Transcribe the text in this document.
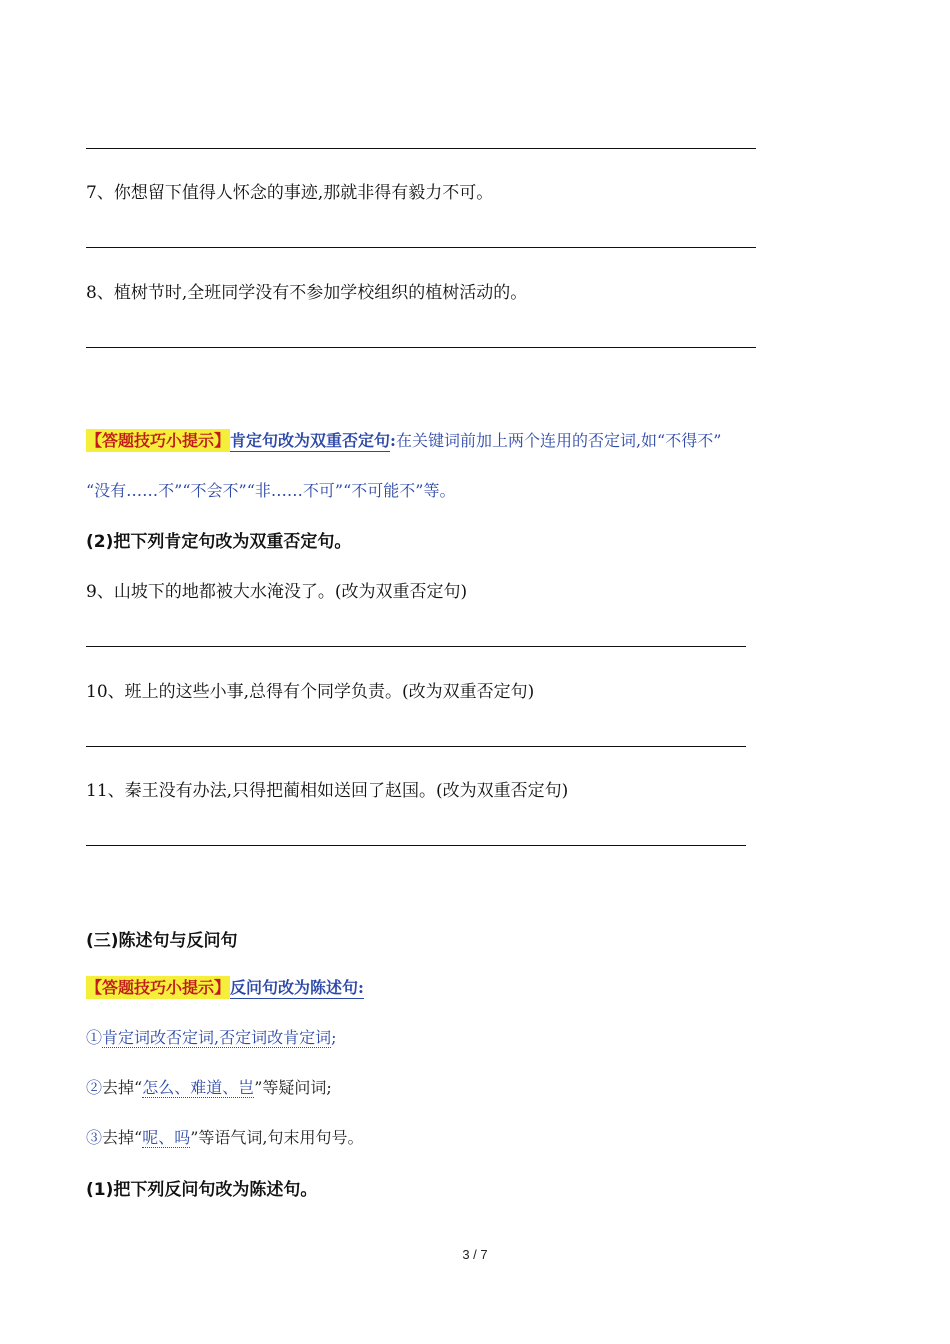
7、你想留下值得人怀念的事迹,那就非得有毅力不可。
8、植树节时,全班同学没有不参加学校组织的植树活动的。
【答题技巧小提示】肯定句改为双重否定句:在关键词前加上两个连用的否定词,如“不得不”
“没有……不”“不会不”“非……不可”“不可能不”等。
(2)把下列肯定句改为双重否定句。
9、山坡下的地都被大水淹没了。(改为双重否定句)
10、班上的这些小事,总得有个同学负责。(改为双重否定句)
11、秦王没有办法,只得把蔺相如送回了赵国。(改为双重否定句)
(三)陈述句与反问句
【答题技巧小提示】反问句改为陈述句:
①肯定词改否定词,否定词改肯定词;
②去掉“怎么、难道、岂”等疑问词;
③去掉“呢、吗”等语气词,句末用句号。
(1)把下列反问句改为陈述句。
3 / 7
